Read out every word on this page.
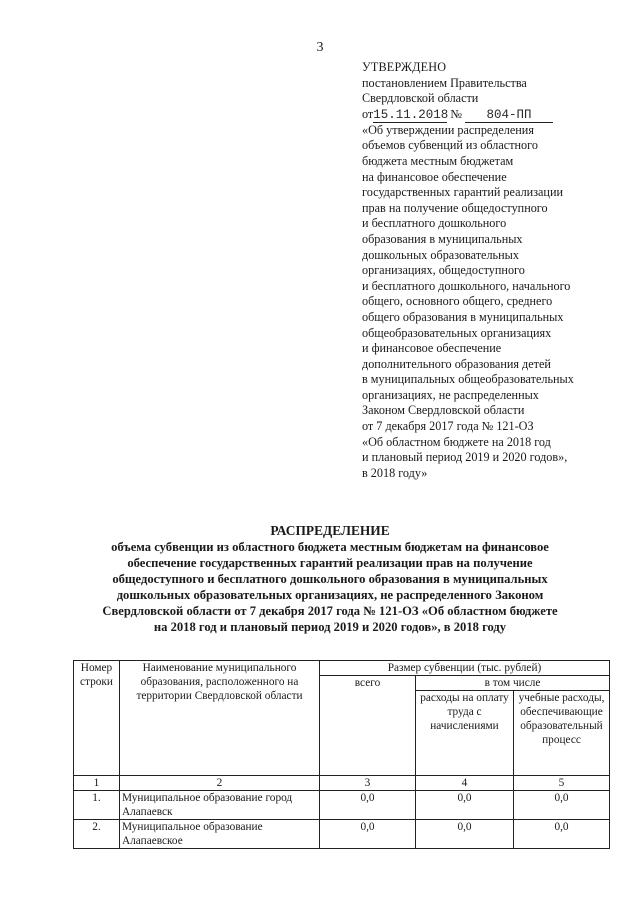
3
УТВЕРЖДЕНО
постановлением Правительства
Свердловской области
от15.11.2018 № 804-ПП
«Об утверждении распределения
объемов субвенций из областного
бюджета местным бюджетам
на финансовое обеспечение
государственных гарантий реализации
прав на получение общедоступного
и бесплатного дошкольного
образования в муниципальных
дошкольных образовательных
организациях, общедоступного
и бесплатного дошкольного, начального
общего, основного общего, среднего
общего образования в муниципальных
общеобразовательных организациях
и финансовое обеспечение
дополнительного образования детей
в муниципальных общеобразовательных
организациях, не распределенных
Законом Свердловской области
от 7 декабря 2017 года № 121-ОЗ
«Об областном бюджете на 2018 год
и плановый период 2019 и 2020 годов»,
в 2018 году»
РАСПРЕДЕЛЕНИЕ
объема субвенции из областного бюджета местным бюджетам на финансовое
обеспечение государственных гарантий реализации прав на получение
общедоступного и бесплатного дошкольного образования в муниципальных
дошкольных образовательных организациях, не распределенного Законом
Свердловской области от 7 декабря 2017 года № 121-ОЗ «Об областном бюджете
на 2018 год и плановый период 2019 и 2020 годов», в 2018 году
Номер строки	Наименование муниципального образования, расположенного на территории Свердловской области	Размер субвенции (тыс. рублей)		
		всего	в том числе	
			расходы на оплату труда с начислениями	учебные расходы, обеспечивающие образовательный процесс
1	2	3	4	5
1.	Муниципальное образование город Алапаевск	0,0	0,0	0,0
2.	Муниципальное образование Алапаевское	0,0	0,0	0,0
